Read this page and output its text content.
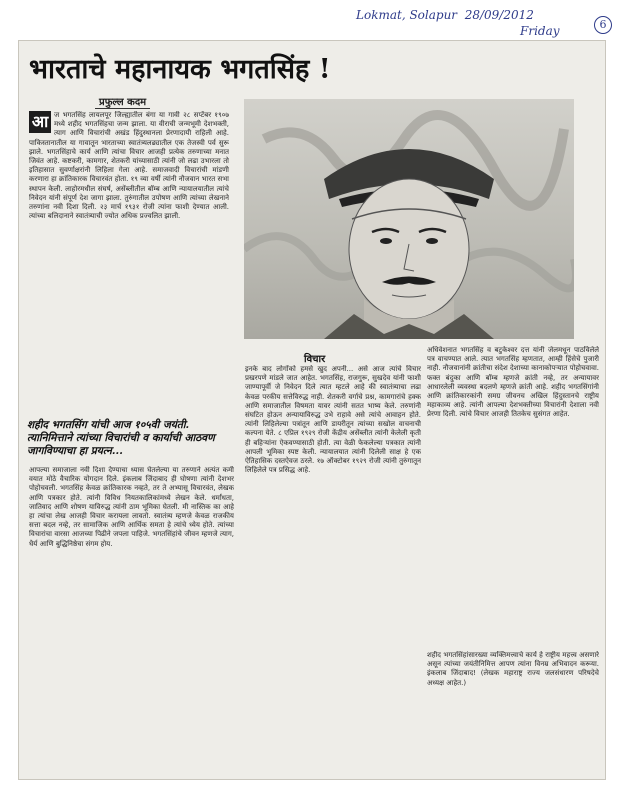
Lokmat, Solapur 28/09/2012
Friday	6
भारताचे महानायक भगतसिंह !
प्रफुल्ल कदम
आ ज भगतसिंह लायलपूर जिल्ह्यातील बंगा या गावी २८ सप्टेंबर १९०७ मध्ये शहीद भगतसिंहचा जन्म झाला. या वीराची जन्मभूमी देशभक्ती, त्याग आणि विचारांची अखंड हिंदुस्थानला प्रेरणादायी राहिली आहे. पाकिस्तानातील या गावातून भारताच्या स्वातंत्र्यलढ्यातील एक तेजस्वी पर्व सुरू झाले. भगतसिंहाचे कार्य आणि त्यांचा विचार आजही प्रत्येक तरुणाच्या मनात जिवंत आहे. कष्टकरी, कामगार, शेतकरी यांच्यासाठी त्यांनी जो लढा उभारला तो इतिहासात सुवर्णाक्षरांनी लिहिला गेला आहे. समाजवादी विचारांची मांडणी करणारा हा क्रांतिकारक विचारवंत होता. १९ व्या वर्षी त्यांनी नौजवान भारत सभा स्थापन केली. लाहोरमधील संघर्ष, असेंब्लीतील बॉम्ब आणि न्यायालयातील त्यांचे निवेदन यांनी संपूर्ण देश जागा झाला. तुरुंगातील उपोषण आणि त्यांच्या लेखनाने तरुणांना नवी दिशा दिली. २३ मार्च १९३१ रोजी त्यांना फाशी देण्यात आली. त्यांच्या बलिदानाने स्वातंत्र्याची ज्योत अधिक प्रज्वलित झाली.
शहीद भगतसिंग यांची आज १०५वी जयंती. त्यानिमित्ताने त्यांच्या विचारांची व कार्याची आठवण जागविण्याचा हा प्रयत्न...
आपल्या समाजाला नवी दिशा देण्याचा ध्यास घेतलेल्या या तरुणाने अत्यंत कमी वयात मोठे वैचारिक योगदान दिले. इंकलाब जिंदाबाद ही घोषणा त्यांनी देशभर पोहोचवली. भगतसिंह केवळ क्रांतिकारक नव्हते, तर ते अभ्यासू विचारवंत, लेखक आणि पत्रकार होते. त्यांनी विविध नियतकालिकांमध्ये लेखन केले. धर्मांधता, जातिवाद आणि शोषण याविरुद्ध त्यांनी ठाम भूमिका घेतली. मी नास्तिक का आहे हा त्यांचा लेख आजही विचार करायला लावतो. स्वातंत्र्य म्हणजे केवळ राजकीय सत्ता बदल नव्हे, तर सामाजिक आणि आर्थिक समता हे त्यांचे ध्येय होते. त्यांच्या विचारांचा वारसा आजच्या पिढीने जपला पाहिजे. भगतसिंहांचे जीवन म्हणजे त्याग, धैर्य आणि बुद्धिनिष्ठेचा संगम होय.
विचार
इनके बाद लोगोंको हमसे खुद अपनी... असे आज त्यांचे विचार प्रखरपणे मांडले जात आहेत. भगतसिंह, राजगुरू, सुखदेव यांनी फाशी जाण्यापूर्वी जे निवेदन दिले त्यात म्हटले आहे की स्वातंत्र्याचा लढा केवळ परकीय सत्तेविरुद्ध नाही. शेतकरी वर्गाचे प्रश्न, कामगारांचे हक्क आणि समाजातील विषमता यावर त्यांनी सतत भाष्य केले. तरुणांनी संघटित होऊन अन्यायाविरुद्ध उभे राहावे असे त्यांचे आवाहन होते. त्यांनी लिहिलेल्या पत्रांतून आणि डायरीतून त्यांच्या सखोल वाचनाची कल्पना येते. ८ एप्रिल १९२९ रोजी केंद्रीय असेंब्लीत त्यांनी केलेली कृती ही बहिऱ्यांना ऐकवण्यासाठी होती. त्या वेळी फेकलेल्या पत्रकात त्यांनी आपली भूमिका स्पष्ट केली. न्यायालयात त्यांनी दिलेली साक्ष हे एक ऐतिहासिक दस्तऐवज ठरले. १७ ऑक्टोबर १९२९ रोजी त्यांनी तुरुंगातून लिहिलेले पत्र प्रसिद्ध आहे.
अधिवेशनात भगतसिंह व बटुकेश्वर दत्त यांनी जेलमधून पाठविलेले पत्र वाचण्यात आले. त्यात भगतसिंह म्हणतात, आम्ही हिंसेचे पुजारी नाही. नौजवानांनी क्रांतीचा संदेश देशाच्या कानाकोपऱ्यात पोहोचवावा. फक्त बंदुका आणि बॉम्ब म्हणजे क्रांती नव्हे, तर अन्यायावर आधारलेली व्यवस्था बदलणे म्हणजे क्रांती आहे. शहीद भगतसिंगांनी आणि क्रांतिकारकांनी समग्र जीवनच अखिल हिंदुस्तानचे राष्ट्रीय महाकाव्य आहे. त्यांनी आपल्या देशभक्तीच्या विचारांनी देशाला नवी प्रेरणा दिली. त्यांचे विचार आजही तितकेच सुसंगत आहेत.
शहीद भगतसिंहांसारख्या व्यक्तिमत्त्वाचे कार्य हे राष्ट्रीय महत्त्व असणारे असून त्यांच्या जयंतीनिमित्त आपण त्यांना विनम्र अभिवादन करूया. इंकलाब जिंदाबाद! (लेखक महाराष्ट्र राज्य जलसंधारण परिषदेचे अध्यक्ष आहेत.)
